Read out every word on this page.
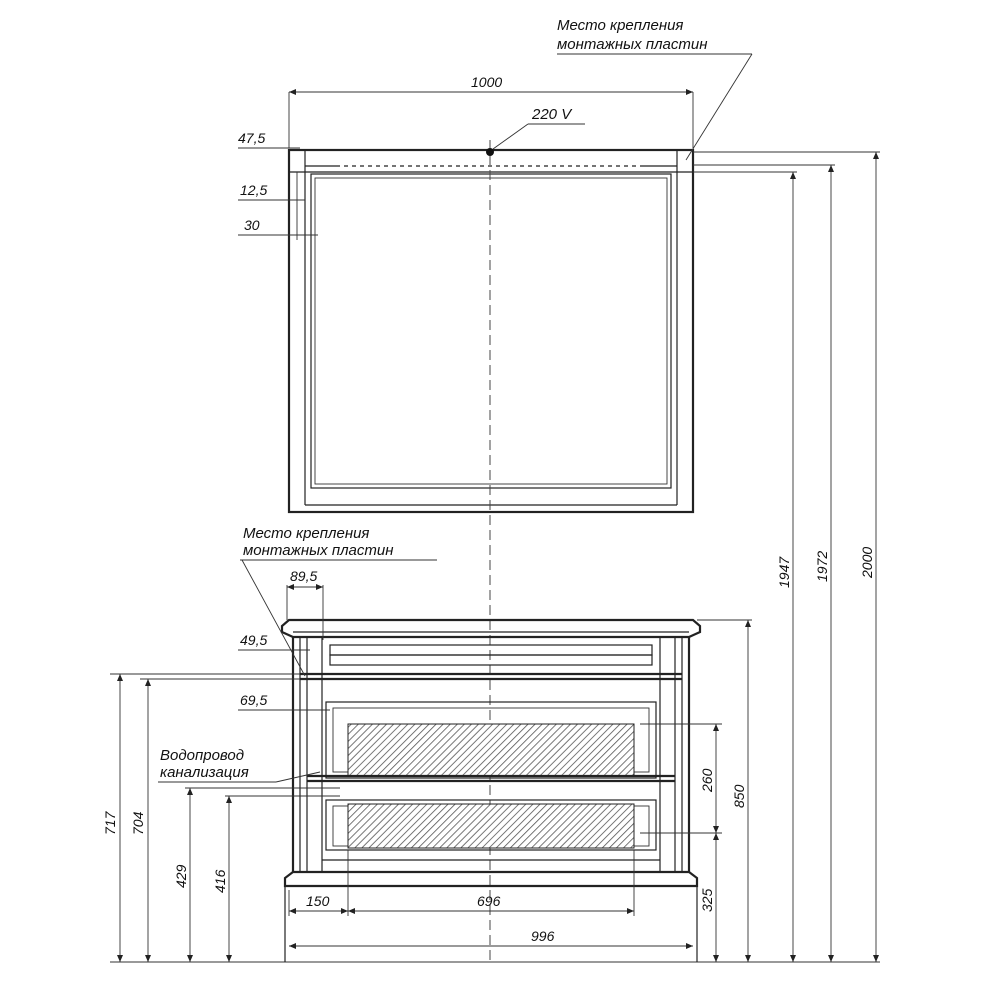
220 V
1000
47,5
12,5
30
Место крепления
монтажных пластин
1947 1972 2000
Место крепления
монтажных пластин
89,5
49,5
69,5
Водопровод
канализация
717 704
429 416
260
850
325
150	696
996
